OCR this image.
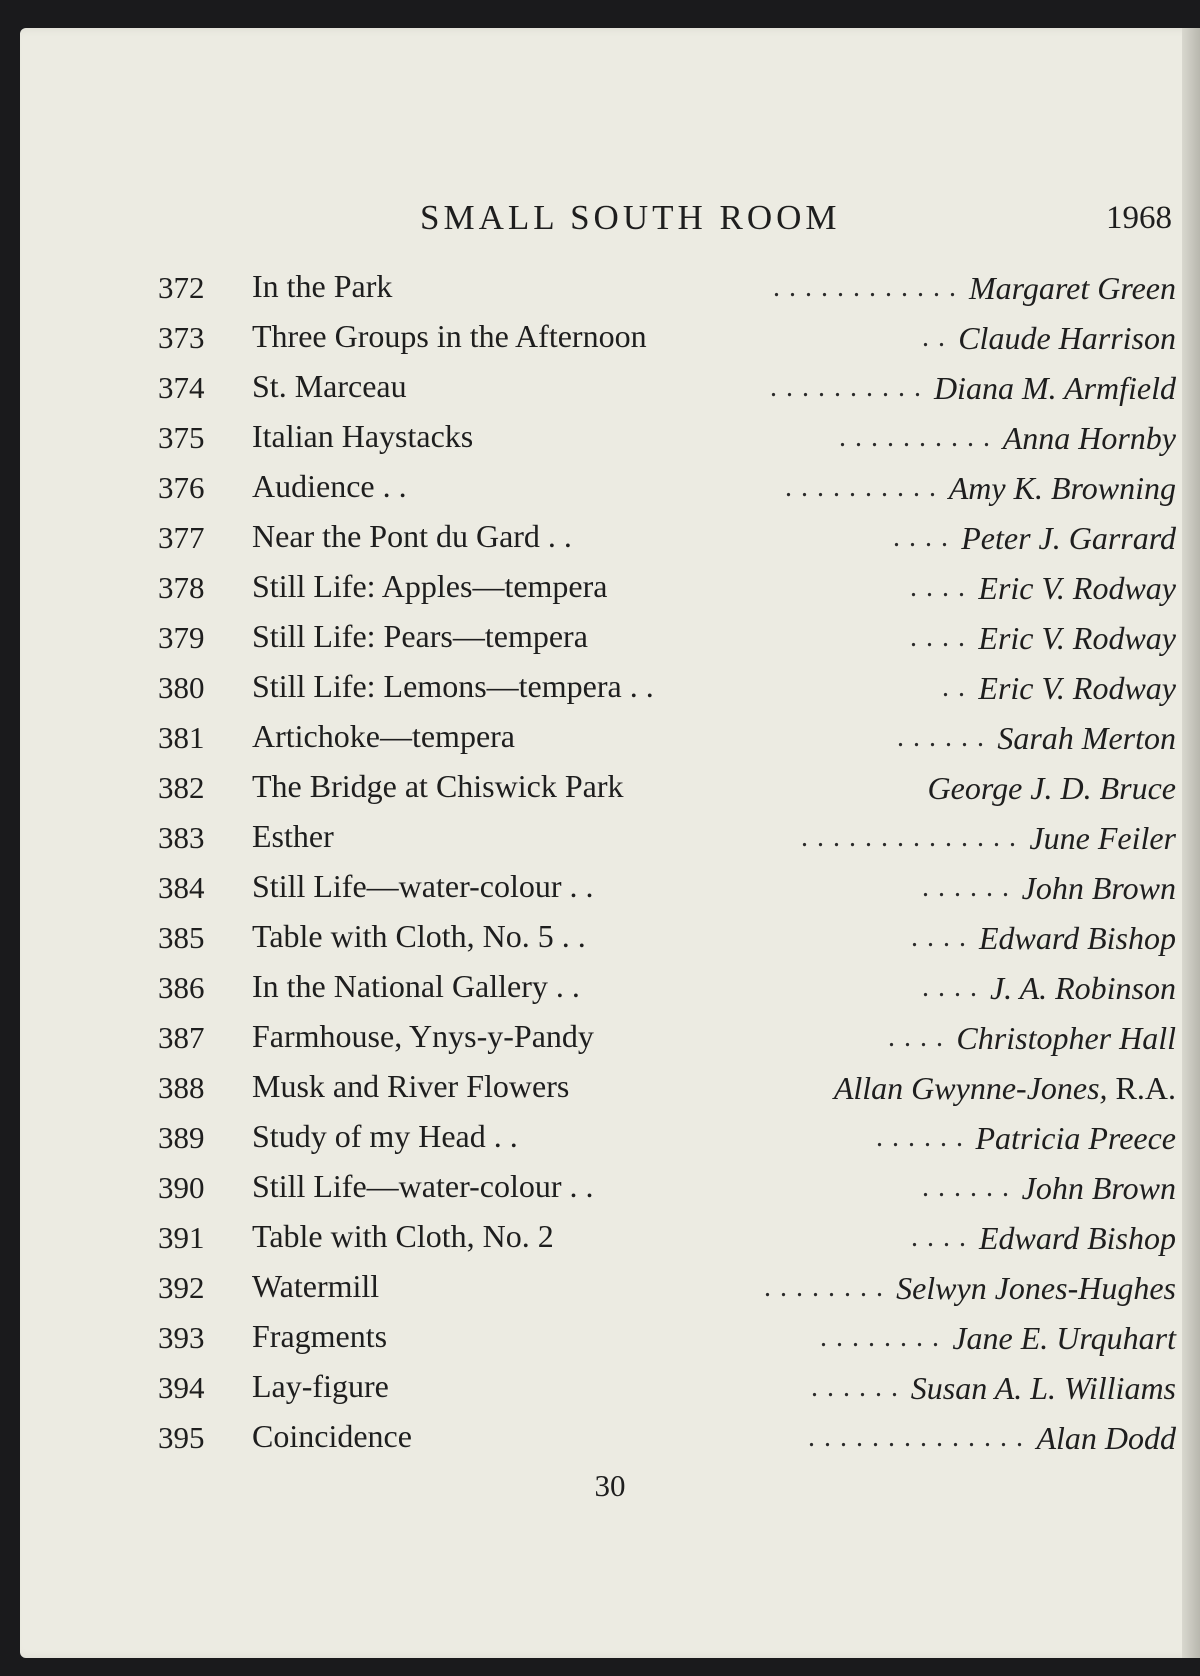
SMALL SOUTH ROOM	1968
372	In the Park	. . . . . . . . . . . . Margaret Green
373	Three Groups in the Afternoon	. . Claude Harrison
374	St. Marceau	. . . . . . . . . . Diana M. Armfield
375	Italian Haystacks	. . . . . . . . . . Anna Hornby
376	Audience . .	. . . . . . . . . . Amy K. Browning
377	Near the Pont du Gard . .	. . . . Peter J. Garrard
378	Still Life: Apples—tempera	. . . . Eric V. Rodway
379	Still Life: Pears—tempera	. . . . Eric V. Rodway
380	Still Life: Lemons—tempera . .	. . Eric V. Rodway
381	Artichoke—tempera	. . . . . . Sarah Merton
382	The Bridge at Chiswick Park	George J. D. Bruce
383	Esther	. . . . . . . . . . . . . . June Feiler
384	Still Life—water-colour . .	. . . . . . John Brown
385	Table with Cloth, No. 5 . .	. . . . Edward Bishop
386	In the National Gallery . .	. . . . J. A. Robinson
387	Farmhouse, Ynys-y-Pandy	. . . . Christopher Hall
388	Musk and River Flowers	Allan Gwynne-Jones, R.A.
389	Study of my Head . .	. . . . . . Patricia Preece
390	Still Life—water-colour . .	. . . . . . John Brown
391	Table with Cloth, No. 2	. . . . Edward Bishop
392	Watermill	. . . . . . . . Selwyn Jones-Hughes
393	Fragments	. . . . . . . . Jane E. Urquhart
394	Lay-figure	. . . . . . Susan A. L. Williams
395	Coincidence	. . . . . . . . . . . . . . Alan Dodd
30
